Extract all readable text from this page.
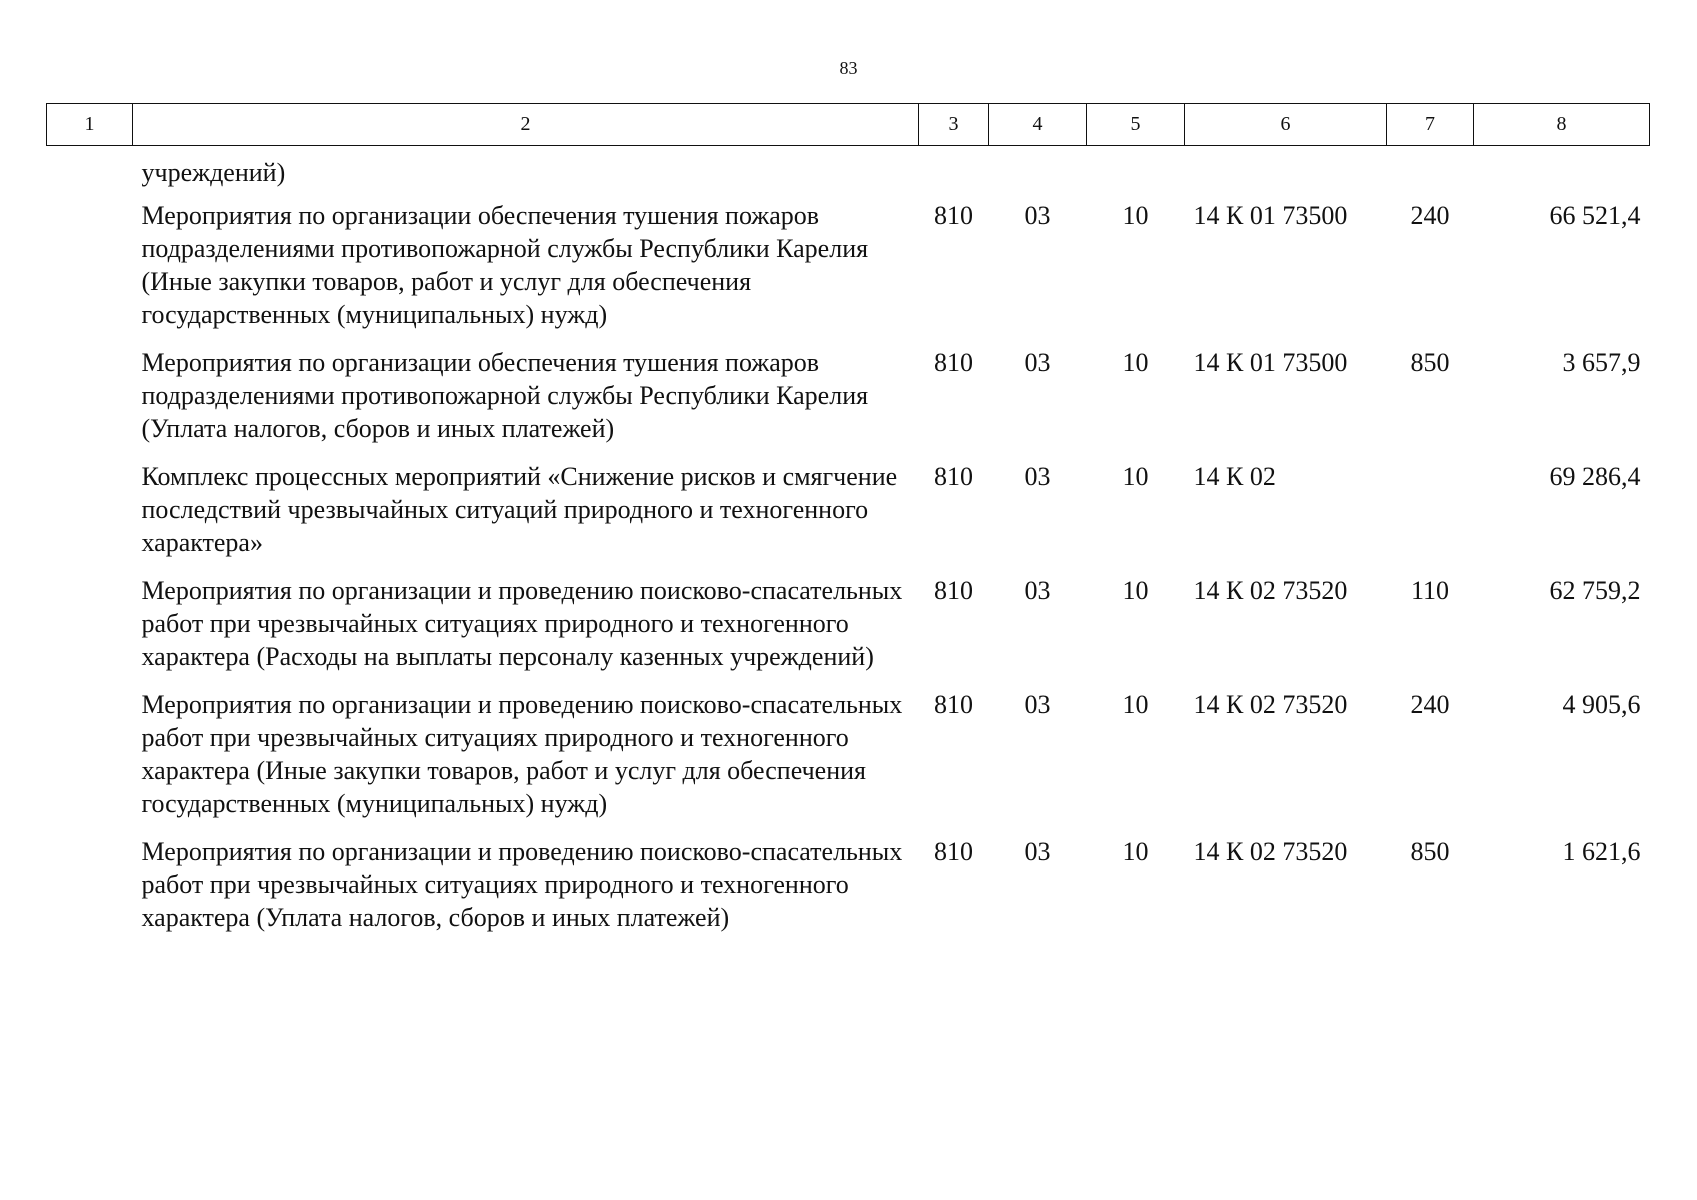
83
1	2	3	4	5	6	7	8
	учреждений)						
	Мероприятия по организации обеспечения тушения пожаров подразделениями противопожарной службы Республики Карелия (Иные закупки товаров, работ и услуг для обеспечения государственных (муниципальных) нужд)	810	03	10	14 К 01 73500	240	66 521,4
	Мероприятия по организации обеспечения тушения пожаров подразделениями противопожарной службы Республики Карелия (Уплата налогов, сборов и иных платежей)	810	03	10	14 К 01 73500	850	3 657,9
	Комплекс процессных мероприятий «Снижение рисков и смягчение последствий чрезвычайных ситуаций природного и техногенного характера»	810	03	10	14 К 02		69 286,4
	Мероприятия по организации и проведению поисково-спасательных работ при чрезвычайных ситуациях природного и техногенного характера (Расходы на выплаты персоналу казенных учреждений)	810	03	10	14 К 02 73520	110	62 759,2
	Мероприятия по организации и проведению поисково-спасательных работ при чрезвычайных ситуациях природного и техногенного характера (Иные закупки товаров, работ и услуг для обеспечения государственных (муниципальных) нужд)	810	03	10	14 К 02 73520	240	4 905,6
	Мероприятия по организации и проведению поисково-спасательных работ при чрезвычайных ситуациях природного и техногенного характера (Уплата налогов, сборов и иных платежей)	810	03	10	14 К 02 73520	850	1 621,6
